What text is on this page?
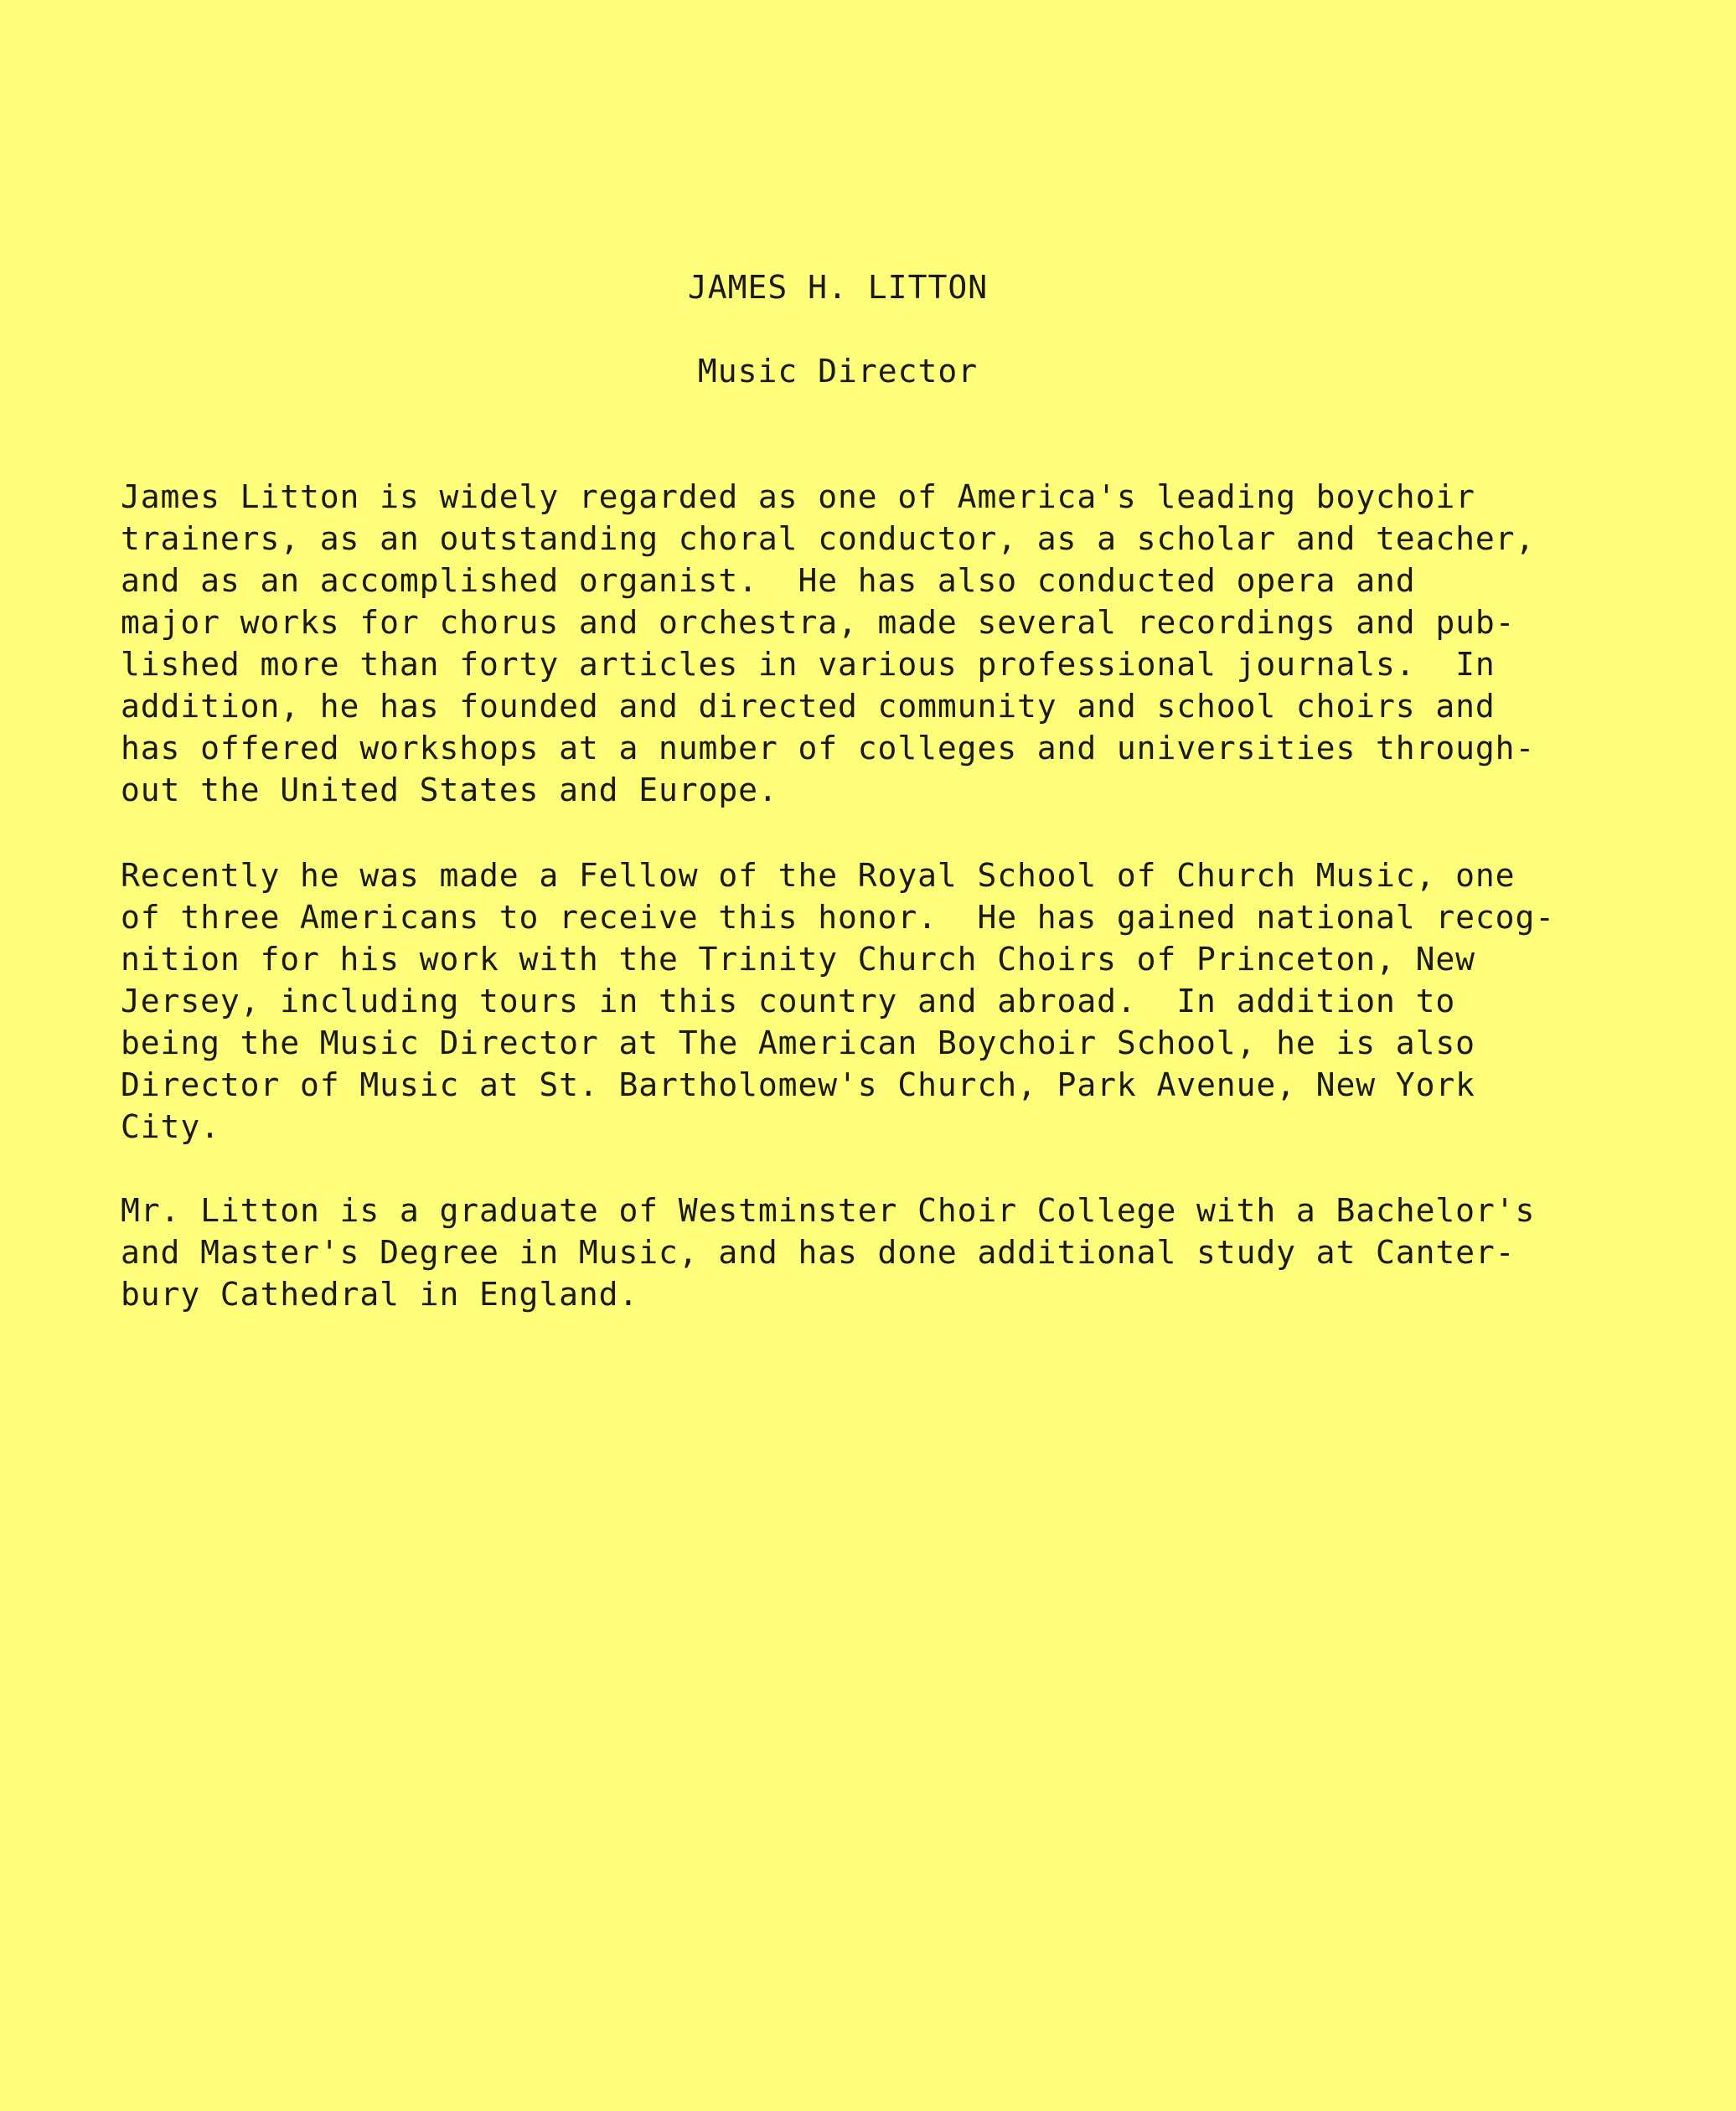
JAMES H. LITTON
Music Director
James Litton is widely regarded as one of America's leading boychoir
trainers, as an outstanding choral conductor, as a scholar and teacher,
and as an accomplished organist.  He has also conducted opera and
major works for chorus and orchestra, made several recordings and pub-
lished more than forty articles in various professional journals.  In
addition, he has founded and directed community and school choirs and
has offered workshops at a number of colleges and universities through-
out the United States and Europe.
Recently he was made a Fellow of the Royal School of Church Music, one
of three Americans to receive this honor.  He has gained national recog-
nition for his work with the Trinity Church Choirs of Princeton, New
Jersey, including tours in this country and abroad.  In addition to
being the Music Director at The American Boychoir School, he is also
Director of Music at St. Bartholomew's Church, Park Avenue, New York
City.
Mr. Litton is a graduate of Westminster Choir College with a Bachelor's
and Master's Degree in Music, and has done additional study at Canter-
bury Cathedral in England.
